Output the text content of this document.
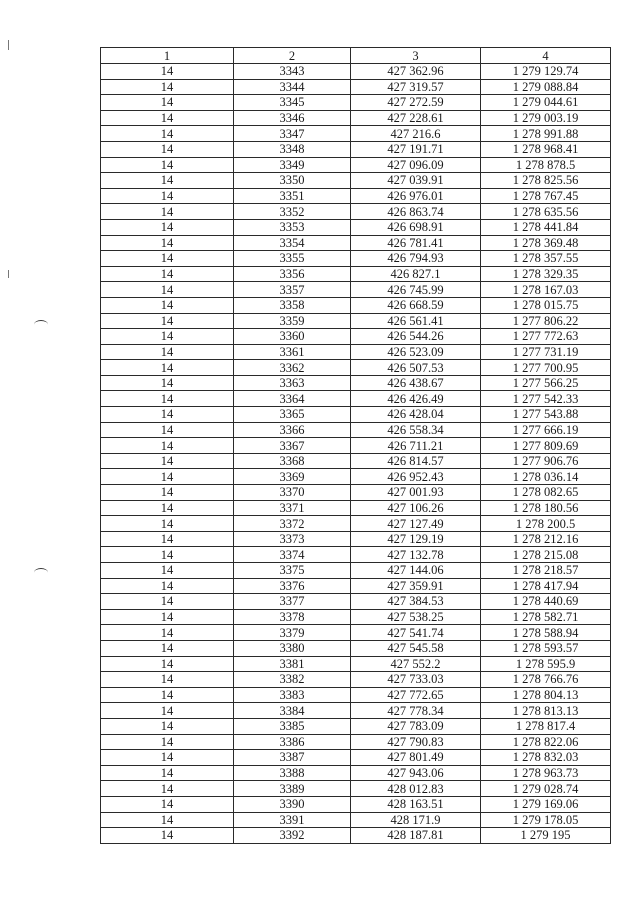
1	2	3	4
14	3343	427 362.96	1 279 129.74
14	3344	427 319.57	1 279 088.84
14	3345	427 272.59	1 279 044.61
14	3346	427 228.61	1 279 003.19
14	3347	427 216.6	1 278 991.88
14	3348	427 191.71	1 278 968.41
14	3349	427 096.09	1 278 878.5
14	3350	427 039.91	1 278 825.56
14	3351	426 976.01	1 278 767.45
14	3352	426 863.74	1 278 635.56
14	3353	426 698.91	1 278 441.84
14	3354	426 781.41	1 278 369.48
14	3355	426 794.93	1 278 357.55
14	3356	426 827.1	1 278 329.35
14	3357	426 745.99	1 278 167.03
14	3358	426 668.59	1 278 015.75
14	3359	426 561.41	1 277 806.22
14	3360	426 544.26	1 277 772.63
14	3361	426 523.09	1 277 731.19
14	3362	426 507.53	1 277 700.95
14	3363	426 438.67	1 277 566.25
14	3364	426 426.49	1 277 542.33
14	3365	426 428.04	1 277 543.88
14	3366	426 558.34	1 277 666.19
14	3367	426 711.21	1 277 809.69
14	3368	426 814.57	1 277 906.76
14	3369	426 952.43	1 278 036.14
14	3370	427 001.93	1 278 082.65
14	3371	427 106.26	1 278 180.56
14	3372	427 127.49	1 278 200.5
14	3373	427 129.19	1 278 212.16
14	3374	427 132.78	1 278 215.08
14	3375	427 144.06	1 278 218.57
14	3376	427 359.91	1 278 417.94
14	3377	427 384.53	1 278 440.69
14	3378	427 538.25	1 278 582.71
14	3379	427 541.74	1 278 588.94
14	3380	427 545.58	1 278 593.57
14	3381	427 552.2	1 278 595.9
14	3382	427 733.03	1 278 766.76
14	3383	427 772.65	1 278 804.13
14	3384	427 778.34	1 278 813.13
14	3385	427 783.09	1 278 817.4
14	3386	427 790.83	1 278 822.06
14	3387	427 801.49	1 278 832.03
14	3388	427 943.06	1 278 963.73
14	3389	428 012.83	1 279 028.74
14	3390	428 163.51	1 279 169.06
14	3391	428 171.9	1 279 178.05
14	3392	428 187.81	1 279 195
